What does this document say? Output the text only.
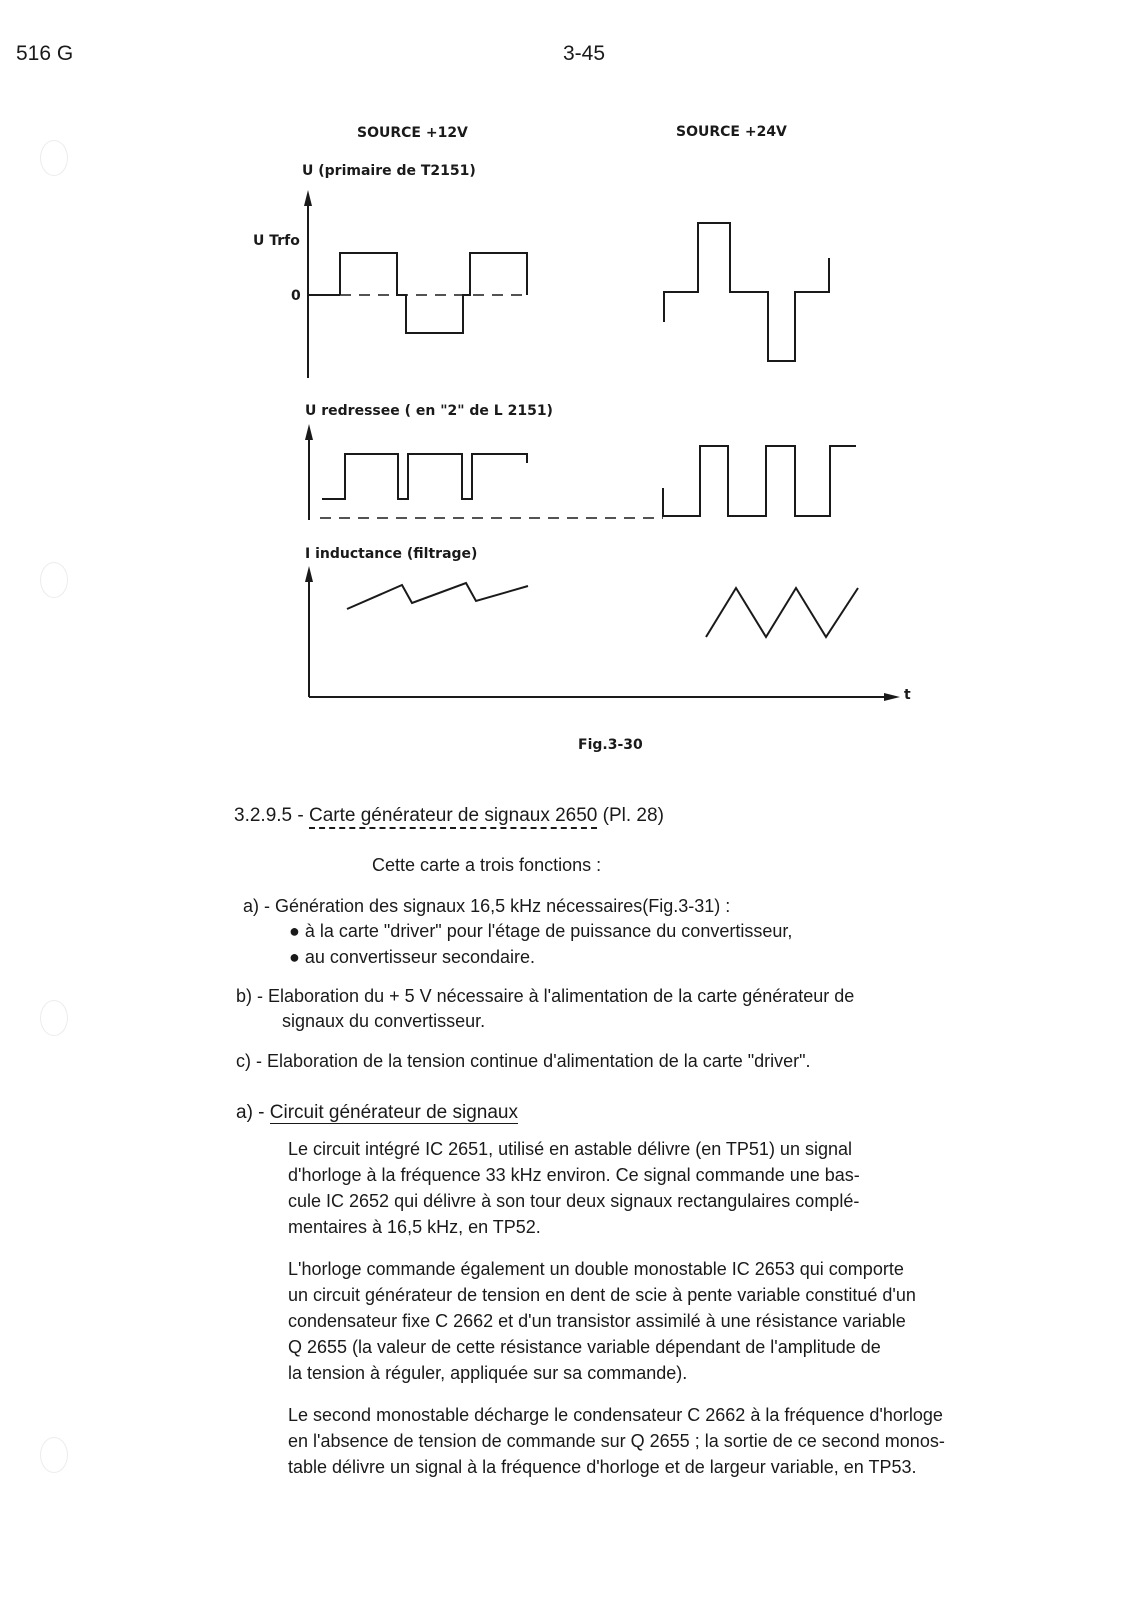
516 G	3-45
SOURCE +12V	SOURCE +24V
U (primaire de T2151)
U Trfo
0
U redressee ( en "2" de L 2151)
I inductance (filtrage)
t
Fig.3-30
3.2.9.5 - Carte générateur de signaux 2650 (Pl. 28)
Cette carte a trois fonctions :
a) - Génération des signaux 16,5 kHz nécessaires(Fig.3-31) :
● à la carte "driver" pour l'étage de puissance du convertisseur,
● au convertisseur secondaire.
b) - Elaboration du + 5 V nécessaire à l'alimentation de la carte générateur de
signaux du convertisseur.
c) - Elaboration de la tension continue d'alimentation de la carte "driver".
a) - Circuit générateur de signaux
Le circuit intégré IC 2651, utilisé en astable délivre (en TP51) un signal
d'horloge à la fréquence 33 kHz environ. Ce signal commande une bas-
cule IC 2652 qui délivre à son tour deux signaux rectangulaires complé-
mentaires à 16,5 kHz, en TP52.
L'horloge commande également un double monostable IC 2653 qui comporte
un circuit générateur de tension en dent de scie à pente variable constitué d'un
condensateur fixe C 2662 et d'un transistor assimilé à une résistance variable
Q 2655 (la valeur de cette résistance variable dépendant de l'amplitude de
la tension à réguler, appliquée sur sa commande).
Le second monostable décharge le condensateur C 2662 à la fréquence d'horloge
en l'absence de tension de commande sur Q 2655 ; la sortie de ce second monos-
table délivre un signal à la fréquence d'horloge et de largeur variable, en TP53.
